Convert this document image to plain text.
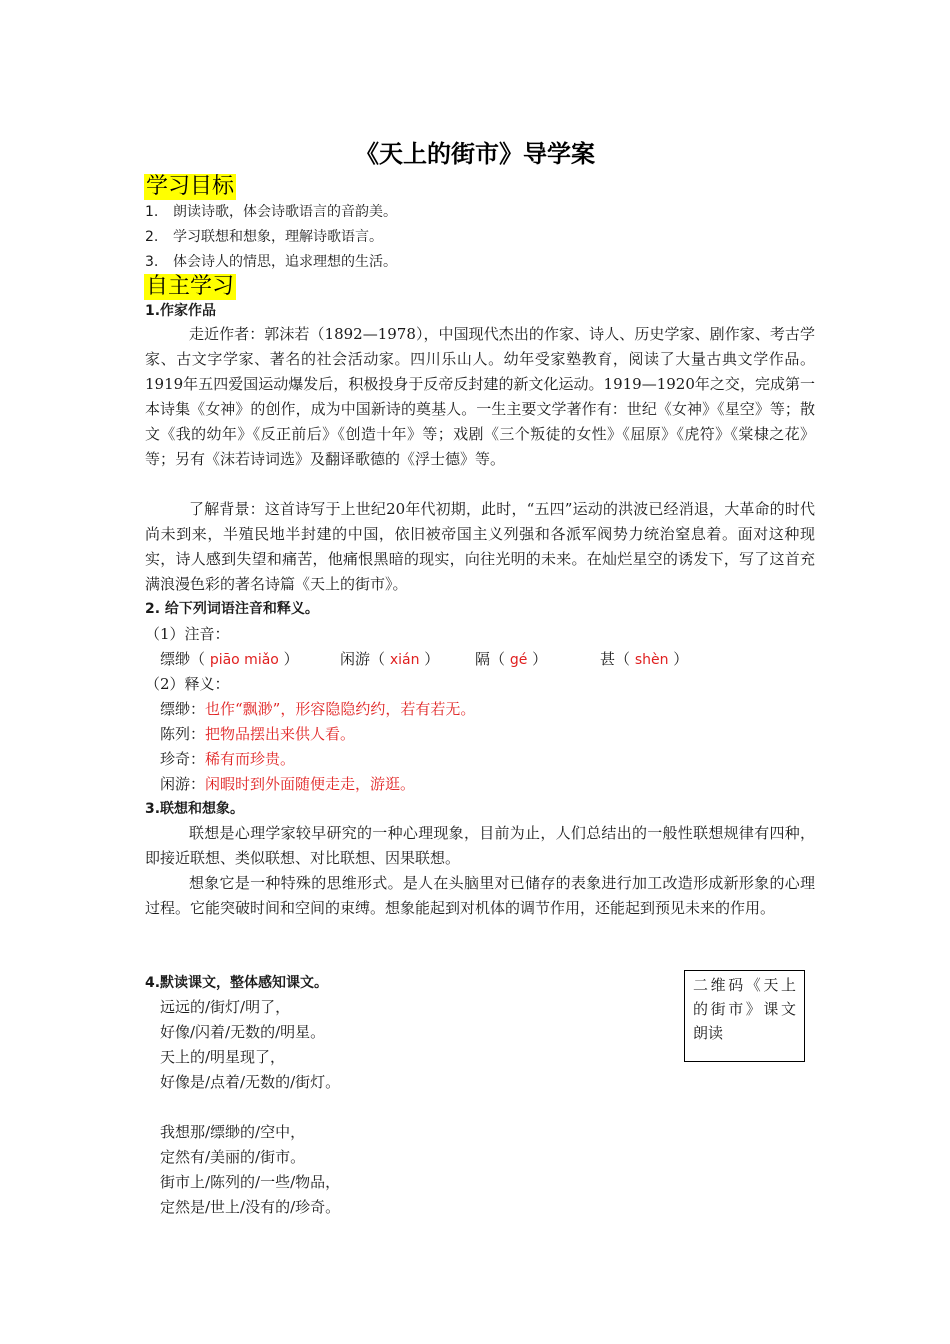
《天上的街市》导学案
学习目标
1. 朗读诗歌，体会诗歌语言的音韵美。
2. 学习联想和想象，理解诗歌语言。
3. 体会诗人的情思，追求理想的生活。
自主学习
1.作家作品
走近作者：郭沫若（1892—1978），中国现代杰出的作家、诗人、历史学家、剧作家、考古学家、古文字学家、著名的社会活动家。四川乐山人。幼年受家塾教育，阅读了大量古典文学作品。1919年五四爱国运动爆发后，积极投身于反帝反封建的新文化运动。1919—1920年之交，完成第一本诗集《女神》的创作，成为中国新诗的奠基人。一生主要文学著作有：世纪《女神》《星空》等；散文《我的幼年》《反正前后》《创造十年》等；戏剧《三个叛徒的女性》《屈原》《虎符》《棠棣之花》等；另有《沫若诗词选》及翻译歌德的《浮士德》等。
了解背景：这首诗写于上世纪20年代初期，此时，“五四”运动的洪波已经消退，大革命的时代尚未到来，半殖民地半封建的中国，依旧被帝国主义列强和各派军阀势力统治窒息着。面对这种现实，诗人感到失望和痛苦，他痛恨黑暗的现实，向往光明的未来。在灿烂星空的诱发下，写了这首充满浪漫色彩的著名诗篇《天上的街市》。
2. 给下列词语注音和释义。
（1）注音：
缥缈（ piāo miǎo ）	闲游（ xián ） 隔（ gé ）	甚（ shèn ）
（2）释义：
缥缈：也作“飘渺”，形容隐隐约约，若有若无。
陈列：把物品摆出来供人看。
珍奇：稀有而珍贵。
闲游：闲暇时到外面随便走走，游逛。
3.联想和想象。
联想是心理学家较早研究的一种心理现象，目前为止，人们总结出的一般性联想规律有四种，即接近联想、类似联想、对比联想、因果联想。
想象它是一种特殊的思维形式。是人在头脑里对已储存的表象进行加工改造形成新形象的心理过程。它能突破时间和空间的束缚。想象能起到对机体的调节作用，还能起到预见未来的作用。
4.默读课文，整体感知课文。	二维码《天上的街市》课文朗读
远远的/街灯/明了，
好像/闪着/无数的/明星。
天上的/明星现了，
好像是/点着/无数的/街灯。
我想那/缥缈的/空中，
定然有/美丽的/街市。
街市上/陈列的/一些/物品，
定然是/世上/没有的/珍奇。
